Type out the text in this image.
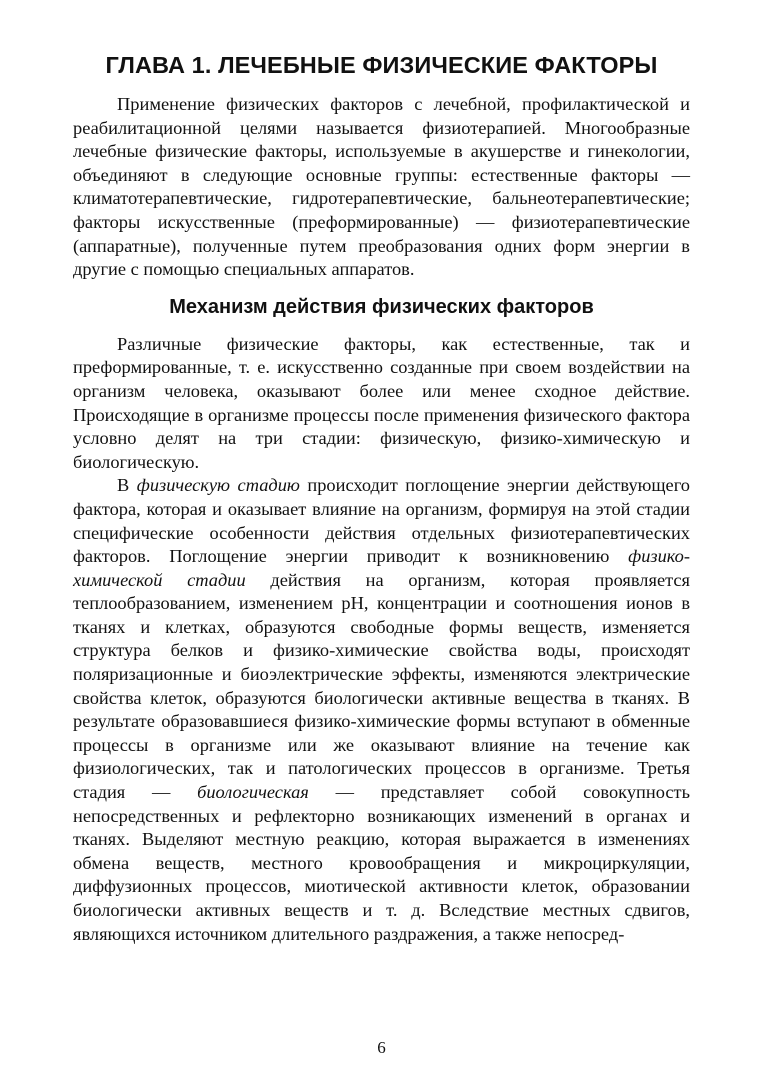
ГЛАВА 1. ЛЕЧЕБНЫЕ ФИЗИЧЕСКИЕ ФАКТОРЫ

Применение физических факторов с лечебной, профилактической и реабилитационной целями называется физиотерапией. Многообразные лечебные физические факторы, используемые в акушерстве и гинекологии, объединяют в следующие основные группы: естественные факторы — климатотерапевтические, гидротерапевтические, бальнеотерапевтические; факторы искусственные (преформированные) — физиотерапевтические (аппаратные), полученные путем преобразования одних форм энергии в другие с помощью специальных аппаратов.

Механизм действия физических факторов

Различные физические факторы, как естественные, так и преформированные, т. е. искусственно созданные при своем воздействии на организм человека, оказывают более или менее сходное действие. Происходящие в организме процессы после применения физического фактора условно делят на три стадии: физическую, физико-химическую и биологическую.

В физическую стадию происходит поглощение энергии действующего фактора, которая и оказывает влияние на организм, формируя на этой стадии специфические особенности действия отдельных физиотерапевтических факторов. Поглощение энергии приводит к возникновению физико-химической стадии действия на организм, которая проявляется теплообразованием, изменением pH, концентрации и соотношения ионов в тканях и клетках, образуются свободные формы веществ, изменяется структура белков и физико-химические свойства воды, происходят поляризационные и биоэлектрические эффекты, изменяются электрические свойства клеток, образуются биологически активные вещества в тканях. В результате образовавшиеся физико-химические формы вступают в обменные процессы в организме или же оказывают влияние на течение как физиологических, так и патологических процессов в организме. Третья стадия — биологическая — представляет собой совокупность непосредственных и рефлекторно возникающих изменений в органах и тканях. Выделяют местную реакцию, которая выражается в изменениях обмена веществ, местного кровообращения и микроциркуляции, диффузионных процессов, миотической активности клеток, образовании биологически активных веществ и т. д. Вследствие местных сдвигов, являющихся источником длительного раздражения, а также непосред-

6
